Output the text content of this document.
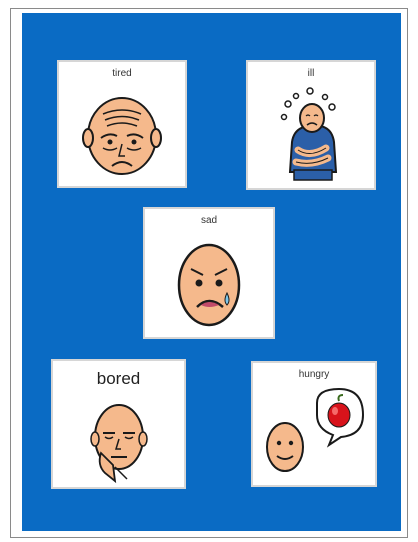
tired	ill
sad
bored	hungry
